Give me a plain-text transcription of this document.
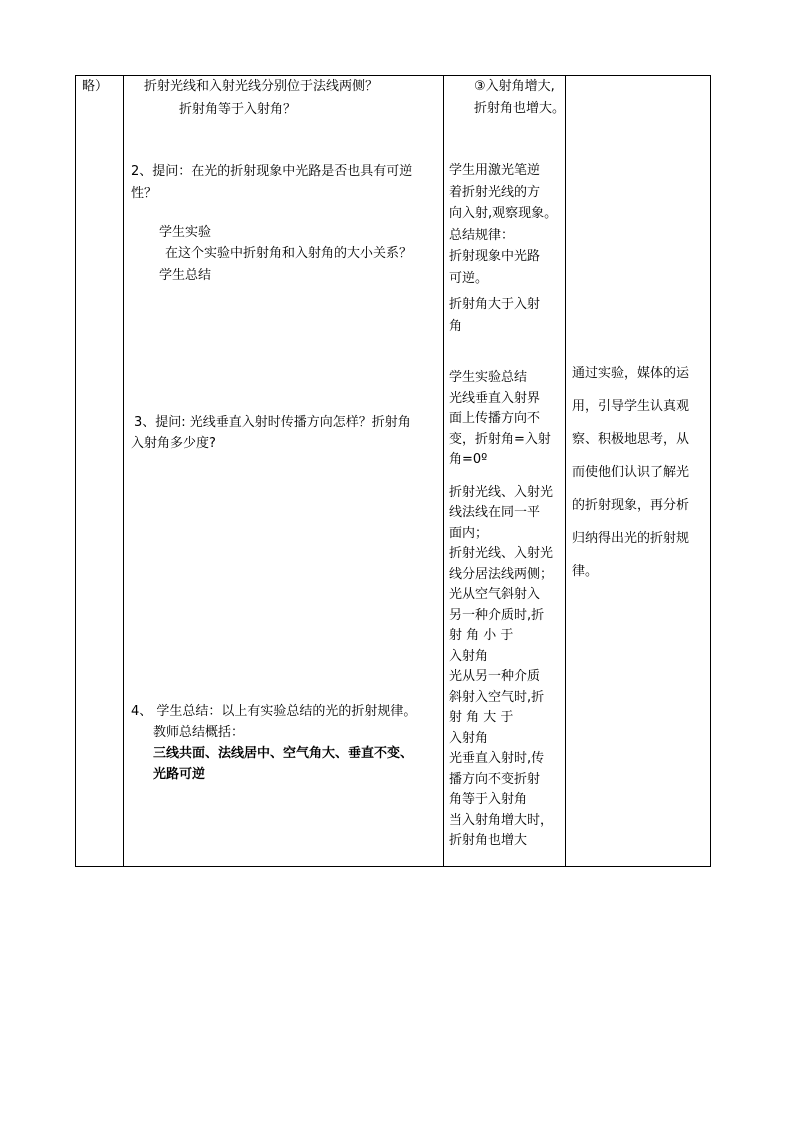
略）	折射光线和入射光线分别位于法线两侧？
折射角等于入射角？
2、提问：在光的折射现象中光路是否也具有可逆
性？
学生实验
在这个实验中折射角和入射角的大小关系？
学生总结
3、提问: 光线垂直入射时传播方向怎样？折射角
入射角多少度?
4、 学生总结：以上有实验总结的光的折射规律。
教师总结概括：
三线共面、法线居中、空气角大、垂直不变、
光路可逆
③入射角增大,
折射角也增大。
学生用激光笔逆
着折射光线的方
向入射,观察现象。
总结规律：
折射现象中光路
可逆。
折射角大于入射
角
学生实验总结
光线垂直入射界
面上传播方向不
变，折射角=入射
角=0º
折射光线、入射光
线法线在同一平
面内；
折射光线、入射光
线分居法线两侧；
光从空气斜射入
另一种介质时,折
射 角 小 于
入射角
光从另一种介质
斜射入空气时,折
射 角 大 于
入射角
光垂直入射时,传
播方向不变折射
角等于入射角
当入射角增大时，
折射角也增大
通过实验，媒体的运
用，引导学生认真观
察、积极地思考，从
而使他们认识了解光
的折射现象，再分析
归纳得出光的折射规
律。
